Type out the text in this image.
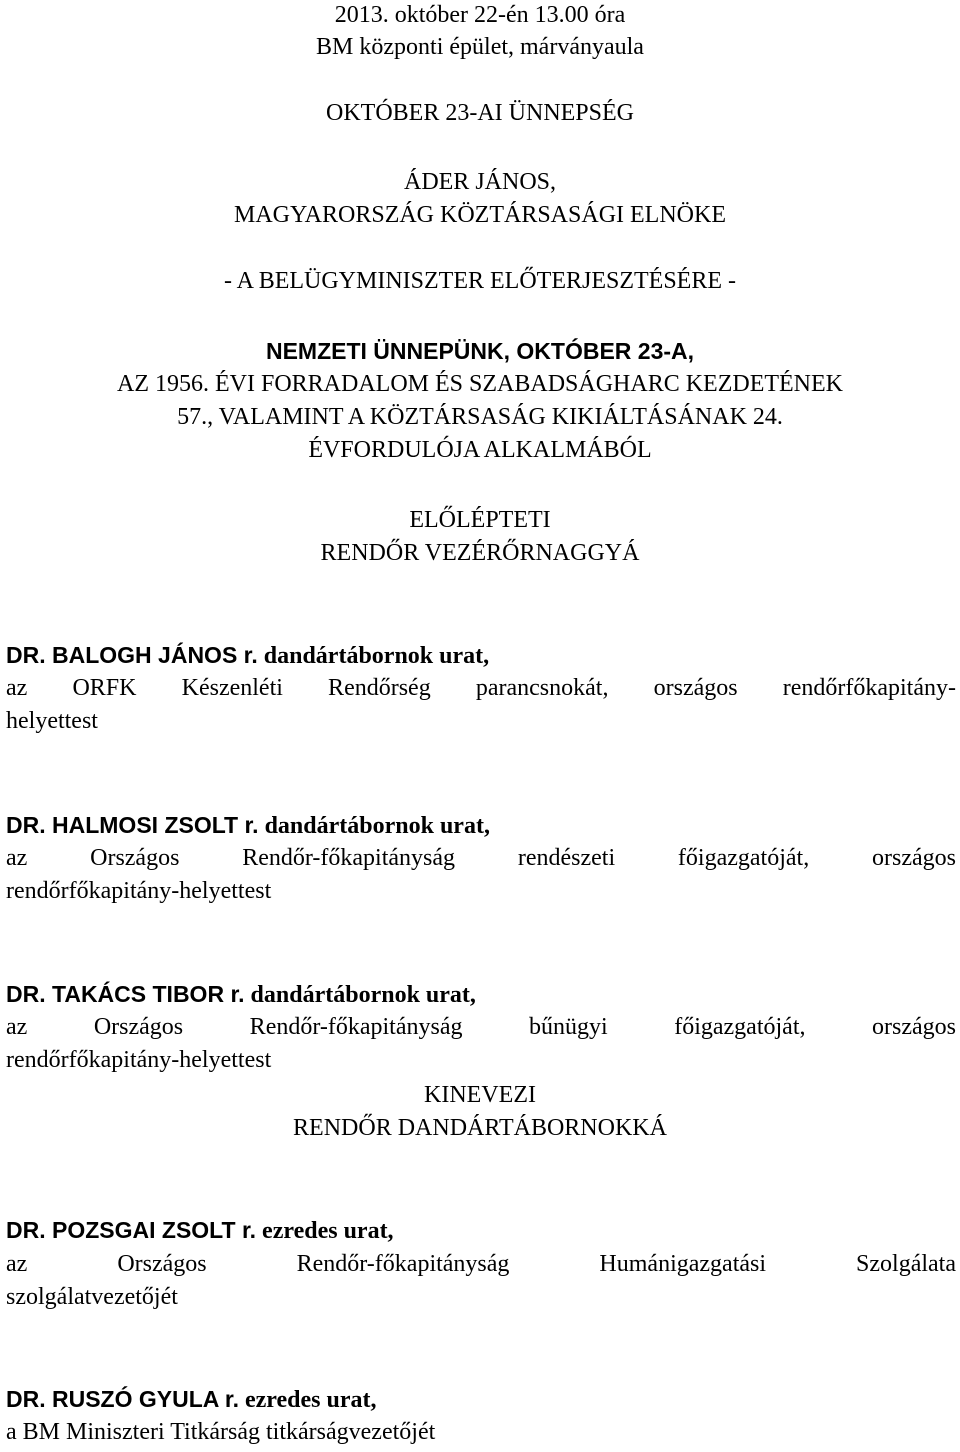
2013. október 22-én 13.00 óra
BM központi épület, márványaula
OKTÓBER 23-AI ÜNNEPSÉG
ÁDER JÁNOS,
MAGYARORSZÁG KÖZTÁRSASÁGI ELNÖKE
- A BELÜGYMINISZTER ELŐTERJESZTÉSÉRE -
NEMZETI ÜNNEPÜNK, OKTÓBER 23-A,
AZ 1956. ÉVI FORRADALOM ÉS SZABADSÁGHARC KEZDETÉNEK
57., VALAMINT A KÖZTÁRSASÁG KIKIÁLTÁSÁNAK 24.
ÉVFORDULÓJA ALKALMÁBÓL
ELŐLÉPTETI
RENDŐR VEZÉRŐRNAGGYÁ
DR. BALOGH JÁNOS r. dandártábornok urat,
az ORFK Készenléti Rendőrség parancsnokát, országos rendőrfőkapitány-
helyettest
DR. HALMOSI ZSOLT r. dandártábornok urat,
az Országos Rendőr-főkapitányság rendészeti főigazgatóját, országos
rendőrfőkapitány-helyettest
DR. TAKÁCS TIBOR r. dandártábornok urat,
az Országos Rendőr-főkapitányság bűnügyi főigazgatóját, országos
rendőrfőkapitány-helyettest
KINEVEZI
RENDŐR DANDÁRTÁBORNOKKÁ
DR. POZSGAI ZSOLT r. ezredes urat,
az Országos Rendőr-főkapitányság Humánigazgatási Szolgálata
szolgálatvezetőjét
DR. RUSZÓ GYULA r. ezredes urat,
a BM Miniszteri Titkárság titkárságvezetőjét
